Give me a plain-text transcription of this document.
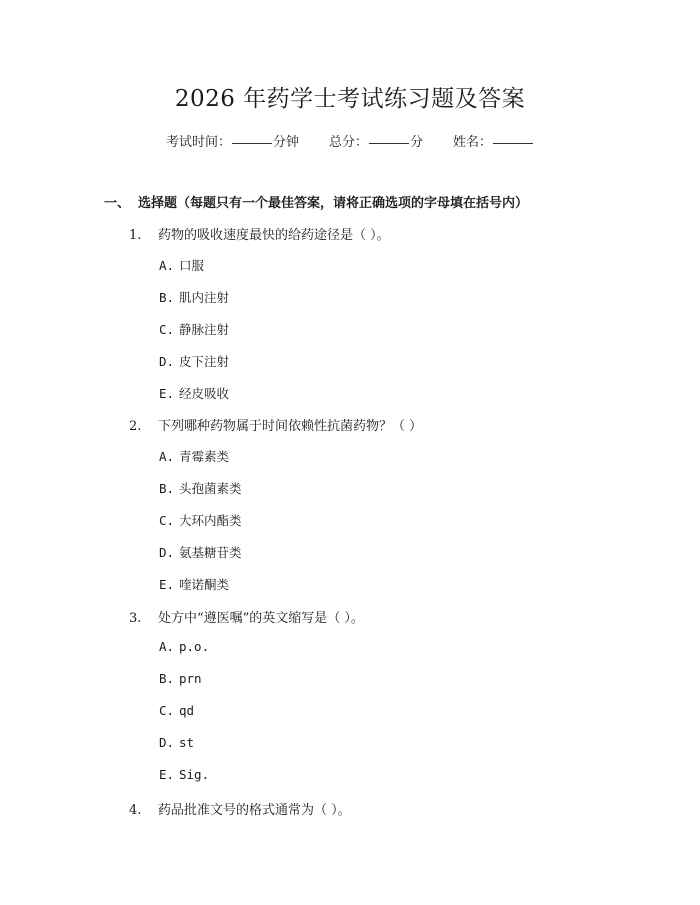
2026 年药学士考试练习题及答案
考试时间：	分钟 总分：	分 姓名：
一、 选择题（每题只有一个最佳答案，请将正确选项的字母填在括号内）
1. 药物的吸收速度最快的给药途径是（ ）。
A. 口服
B. 肌内注射
C. 静脉注射
D. 皮下注射
E. 经皮吸收
2. 下列哪种药物属于时间依赖性抗菌药物？（ ）
A. 青霉素类
B. 头孢菌素类
C. 大环内酯类
D. 氨基糖苷类
E. 喹诺酮类
3. 处方中“遵医嘱”的英文缩写是（ ）。
A. p.o.
B. prn
C. qd
D. st
E. Sig.
4. 药品批准文号的格式通常为（ ）。
